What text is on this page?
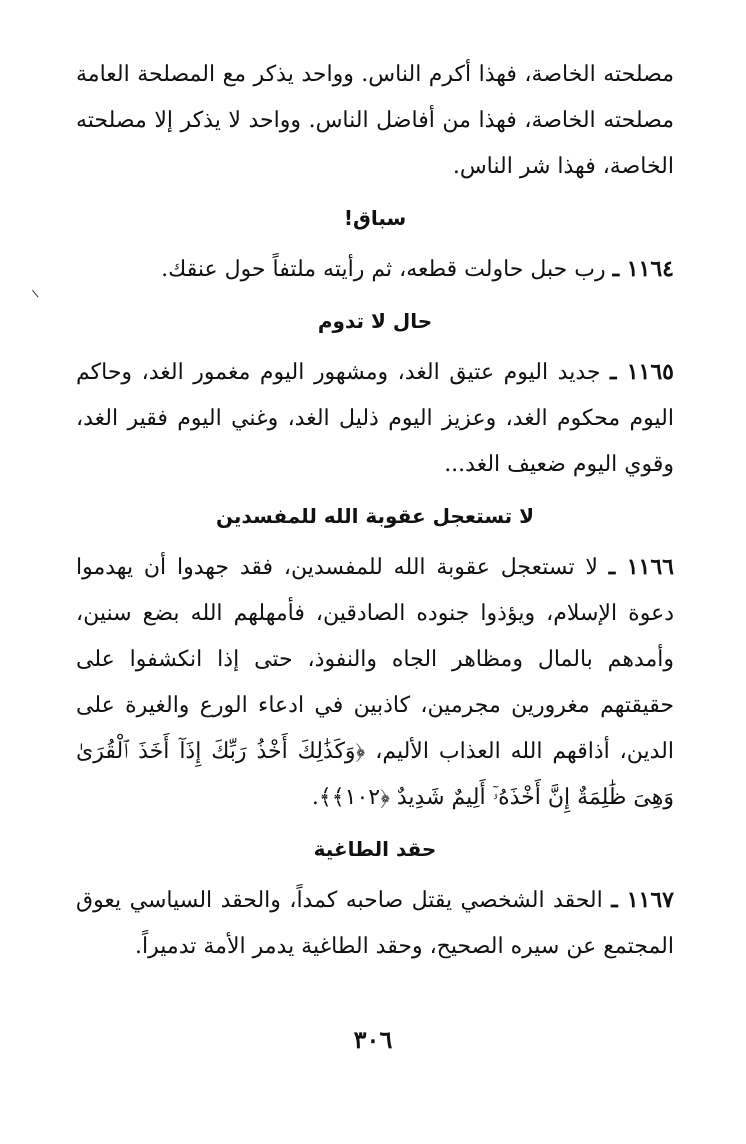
مصلحته الخاصة، فهذا أكرم الناس. وواحد يذكر مع المصلحة العامة مصلحته الخاصة، فهذا من أفاضل الناس. وواحد لا يذكر إلا مصلحته الخاصة، فهذا شر الناس.

سباق!

١١٦٤ ـ رب حبل حاولت قطعه، ثم رأيته ملتفاً حول عنقك.

حال لا تدوم

١١٦٥ ـ جديد اليوم عتيق الغد، ومشهور اليوم مغمور الغد، وحاكم اليوم محكوم الغد، وعزيز اليوم ذليل الغد، وغني اليوم فقير الغد، وقوي اليوم ضعيف الغد...

لا تستعجل عقوبة الله للمفسدين

١١٦٦ ـ لا تستعجل عقوبة الله للمفسدين، فقد جهدوا أن يهدموا دعوة الإسلام، ويؤذوا جنوده الصادقين، فأمهلهم الله بضع سنين، وأمدهم بالمال ومظاهر الجاه والنفوذ، حتى إذا انكشفوا على حقيقتهم مغرورين مجرمين، كاذبين في ادعاء الورع والغيرة على الدين، أذاقهم الله العذاب الأليم، ﴿وَكَذَٰلِكَ أَخْذُ رَبِّكَ إِذَآ أَخَذَ ٱلْقُرَىٰ وَهِىَ ظَٰلِمَةٌ إِنَّ أَخْذَهُۥٓ أَلِيمٌ شَدِيدٌ ﴿١٠٢﴾﴾.

حقد الطاغية

١١٦٧ ـ الحقد الشخصي يقتل صاحبه كمداً، والحقد السياسي يعوق المجتمع عن سيره الصحيح، وحقد الطاغية يدمر الأمة تدميراً.

٣٠٦
